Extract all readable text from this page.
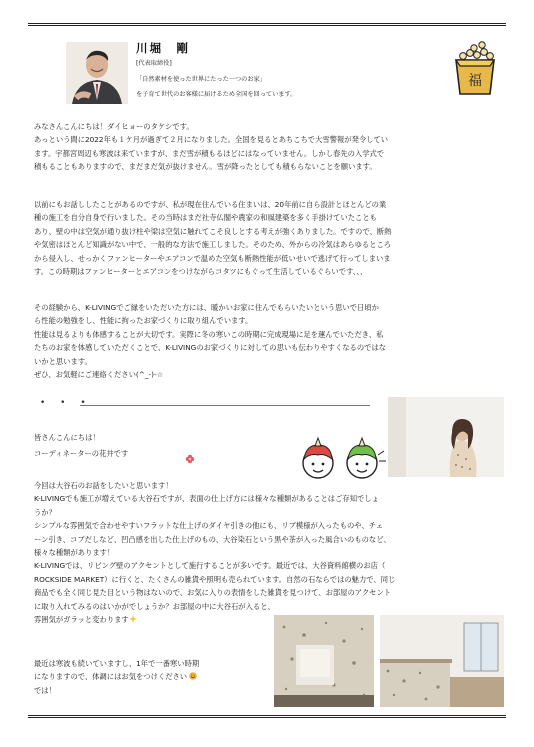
川堀　剛
[代表取締役]
「自然素材を使った世界にたった一つのお家」
を子育て世代のお客様に届けるため全国を回っています。
福
みなさんこんにちは！ダイヒョーのタケシです。
あっという間に2022年も１ケ月が過ぎて２月になりました。全国を見るとあちこちで大雪警報が発令してい
ます。宇都宮周辺も寒波は来ていますが、まだ雪が積もるほどにはなっていません。しかし春先の入学式で
積もることもありますので、まだまだ気が抜けません。雪が降ったとしても積もらないことを願います。
以前にもお話ししたことがあるのですが、私が現在住んでいる住まいは、20年前に自ら設計とほとんどの業
種の施工を自分自身で行いました。その当時はまだ社寺仏閣や農家の和風建築を多く手掛けていたことも
あり、壁の中は空気が通り抜け柱や梁は空気に触れてこそ良しとする考えが強くありました。ですので、断熱
や気密はほとんど知識がない中で、一般的な方法で施工しました。そのため、外からの冷気はあらゆるところ
から侵入し、せっかくファンヒーターやエアコンで温めた空気も断熱性能が低いせいで逃げて行ってしまいま
す。この時期はファンヒーターとエアコンをつけながらコタツにもぐって生活しているぐらいです、、、
その経験から、K-LIVINGでご縁をいただいた方には、暖かいお家に住んでもらいたいという思いで日頃か
ら性能の勉強をし、性能に拘ったお家づくりに取り組んでいます。
性能は見るよりも体感することが大切です。実際に冬の寒いこの時期に完成現場に足を運んでいただき、私
たちのお家を体感していただくことで、K-LIVINGのお家づくりに対しての思いも伝わりやすくなるのではな
いかと思います。
ぜひ、お気軽にご連絡ください(^_-)-☆
• • •
皆さんこんにちは！
コーディネーターの花井です
今回は大谷石のお話をしたいと思います！
K-LIVINGでも施工が増えている大谷石ですが、表面の仕上げ方には様々な種類があることはご存知でしょ
うか？
シンプルな雰囲気で合わせやすいフラットな仕上げのダイヤ引きの他にも、リブ模様が入ったものや、チェ
ーン引き、コブだしなど、凹凸感を出した仕上げのもの、大谷染石という黒や茶が入った風合いのものなど、
様々な種類があります！
K-LIVINGでは、リビング壁のアクセントとして施行することが多いです。最近では、大谷資料館横のお店（
ROCKSIDE MARKET）に行くと、たくさんの雑貨や照明も売られています。自然の石ならではの魅力で、同じ
商品でも全く同じ見た目という物はないので、お気に入りの表情をした雑貨を見つけて、お部屋のアクセント
に取り入れてみるのはいかがでしょうか？お部屋の中に大谷石が入ると、
雰囲気がガラッと変わります
最近は寒波も続いていますし、1年で一番寒い時期
になりますので、体調にはお気をつけください
では！
